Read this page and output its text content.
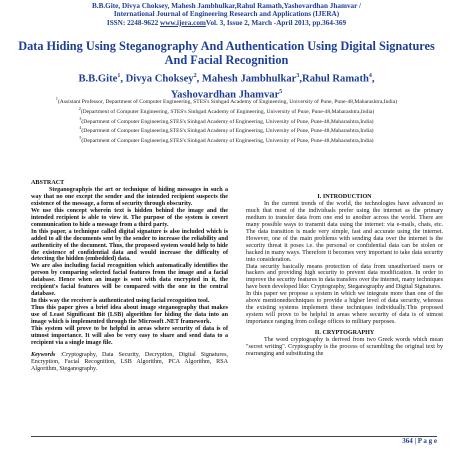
B.B.Gite, Divya Choksey, Mahesh Jambhulkar,Rahul Ramath,Yashovardhan Jhamvar /
International Journal of Engineering Research and Applications (IJERA)
ISSN: 2248-9622 www.ijera.comVol. 3, Issue 2, March -April 2013, pp.364-369
Data Hiding Using Steganography And Authentication Using Digital Signatures And Facial Recognition
B.B.Gite$^1$, Divya Choksey$^2$, Mahesh Jambhulkar$^3$,Rahul Ramath$^4$,
Yashovardhan Jhamvar$^5$
$^1$(Assistant Professor, Department of Computer Engineering, STES's Sinhgad Academy of Engineering, University of Pune, Pune-48,Maharashtra,India)
$^2$(Department of Computer Engineering, STES's Sinhgad Academy of Engineering, University of Pune, Pune-48,Maharashtra,India)
$^3$(Department of Computer Engineering,STES's Sinhgad Academy of Engineering, University of Pune, Pune-48,Maharashtra,India)
$^4$(Department of Computer Engineering,STES's Sinhgad Academy of Engineering, University of Pune, Pune-48,Maharashtra,India)
$^5$(Department of Computer Engineering,STES's Sinhgad Academy of Engineering, University of Pune, Pune-48,Maharashtra,India)

ABSTRACT

Steganographyis the art or technique of hiding messages in such a way that no one except the sender and the intended recipient suspects the existence of the message, a form of security through obscurity.

We use this concept wherein text is hidden behind the image and the intended recipient is able to view it. The purpose of the system is covert communication to hide a message from a third party.

In this paper, a technique called digital signature is also included which is added to all the documents sent by the sender to increase the reliability and authenticity of the document. Thus, the proposed system would help to hide the existence of confidential data and would increase the difficulty of detecting the hidden (embedded) data.

We are also including facial recognition which automatically identifies the person by comparing selected facial features from the image and a facial database. Hence when an image is sent with data encrypted in it, the recipient's facial features will be compared with the one in the central database.

In this way the receiver is authenticated using facial recognition tool.

Thus this paper gives a brief idea about image steganography that makes use of Least Significant Bit (LSB) algorithm for hiding the data into an image which is implemented through the Microsoft .NET framework.

This system will prove to be helpful in areas where security of data is of utmost importance. It will also be very easy to share and send data to a recipient via a single image file.

Keywords :Cryptography, Data Security, Decryption, Digital Signatures, Encryption, Facial Recognition, LSB Algorithm, PCA Algorithm, RSA Algorithm, Steganography.

I. INTRODUCTION

In the current trends of the world, the technologies have advanced so much that most of the individuals prefer using the internet as the primary medium to transfer data from one end to another across the world. There are many possible ways to transmit data using the internet: via e-mails, chats, etc. The data transition is made very simple, fast and accurate using the internet. However, one of the main problems with sending data over the internet is the security threat it poses i.e. the personal or confidential data can be stolen or hacked in many ways. Therefore it becomes very important to take data security into consideration.

Data security basically means protection of data from unauthorised users or hackers and providing high security to prevent data modification. In order to improve the security features in data transfers over the internet, many techniques have been developed like: Cryptography, Steganography and Digital Signatures.

In this paper we propose a system in which we integrate more than one of the above mentionedtechniques to provide a higher level of data security, whereas the existing systems implement these techniques individually.This proposed system will prove to be helpful in areas where security of data is of utmost importance ranging from college offices to military purposes.

II. CRYPTOGRAPHY

The word cryptography is derived from two Greek words which mean "secret writing". Cryptography is the process of scrambling the original text by rearranging and substituting the

364 | P a g e
